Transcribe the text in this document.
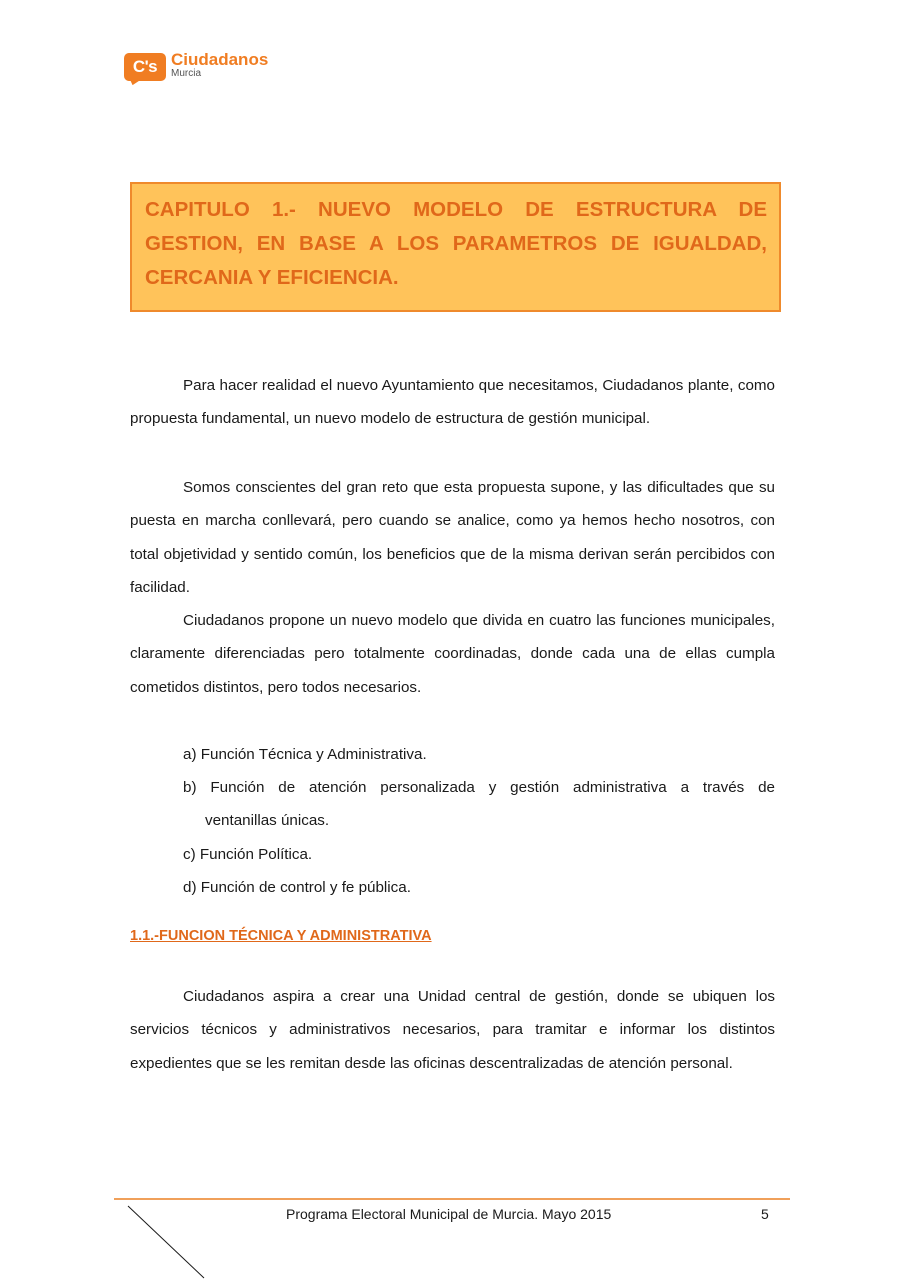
C's Ciudadanos
Murcia

CAPITULO 1.- NUEVO MODELO DE ESTRUCTURA DE GESTION, EN BASE A LOS PARAMETROS DE IGUALDAD, CERCANIA Y EFICIENCIA.

Para hacer realidad el nuevo Ayuntamiento que necesitamos, Ciudadanos plante, como propuesta fundamental, un nuevo modelo de estructura de gestión municipal.

Somos conscientes del gran reto que esta propuesta supone, y las dificultades que su puesta en marcha conllevará, pero cuando se analice, como ya hemos hecho nosotros, con total objetividad y sentido común, los beneficios que de la misma derivan serán percibidos con facilidad.

Ciudadanos propone un nuevo modelo que divida en cuatro las funciones municipales, claramente diferenciadas pero totalmente coordinadas, donde cada una de ellas cumpla cometidos distintos, pero todos necesarios.

a) Función Técnica y Administrativa.

b) Función de atención personalizada y gestión administrativa a través de

ventanillas únicas.

c) Función Política.

d) Función de control y fe pública.

1.1.-FUNCION TÉCNICA Y ADMINISTRATIVA

Ciudadanos aspira a crear una Unidad central de gestión, donde se ubiquen los servicios técnicos y administrativos necesarios, para tramitar e informar los distintos expedientes que se les remitan desde las oficinas descentralizadas de atención personal.

Programa Electoral Municipal de Murcia. Mayo 2015	5
